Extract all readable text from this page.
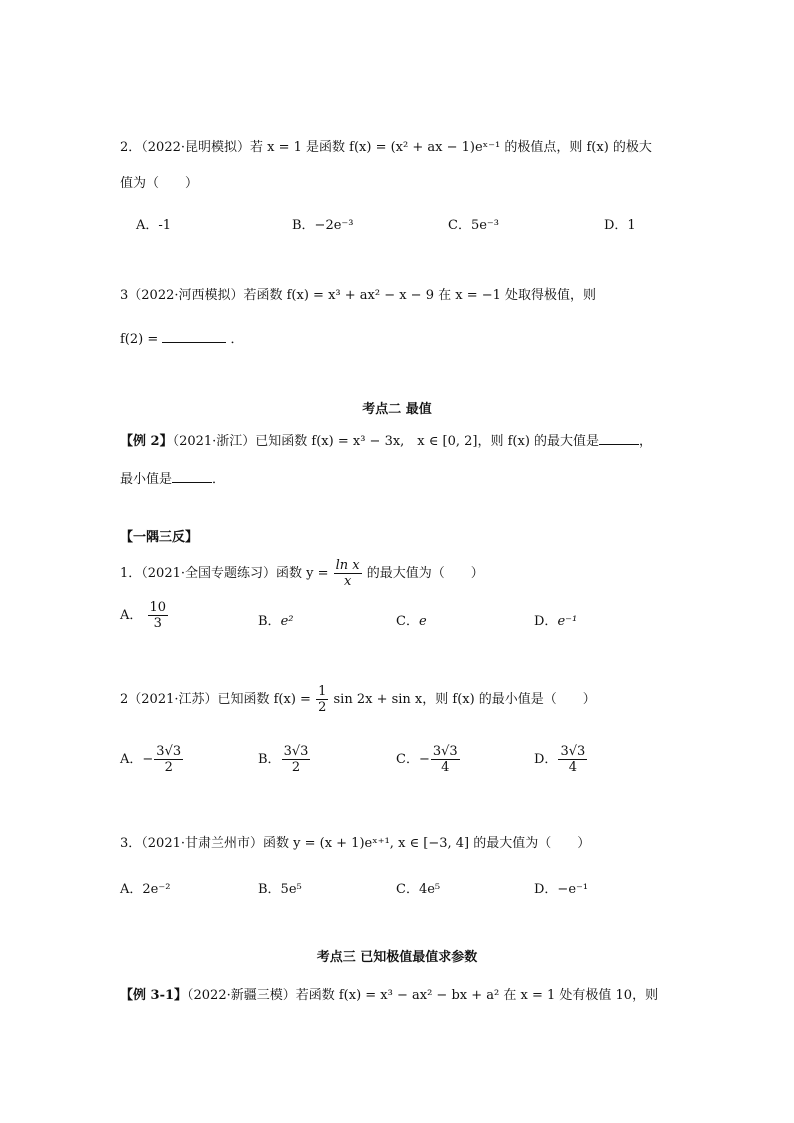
2．（2022·昆明模拟）若 x = 1 是函数 f(x) = (x² + ax − 1)eˣ⁻¹ 的极值点，则 f(x) 的极大
值为（　　）
A．-1	B．−2e⁻³	C．5e⁻³	D．1
3（2022·河西模拟）若函数 f(x) = x³ + ax² − x − 9 在 x = −1 处取得极值，则
f(2) =	．
考点二 最值
【例 2】（2021·浙江）已知函数 f(x) = x³ − 3x,　x ∈ [0, 2]，则 f(x) 的最大值是	，
最小值是	．
【一隅三反】
1．（2021·全国专题练习）函数 $y = \frac{\text{ln x}}{x}$ 的最大值为（　　）
A． $\frac{10}{3}$	B．e²	C．e	D．e⁻¹
2（2021·江苏）已知函数 $f(x) = \frac{1}{2}$ sin 2x + sin x，则 f(x) 的最小值是（　　）
A．− $\frac{3√3}{2}$	B． $\frac{3√3}{2}$	C．− $\frac{3√3}{4}$	D． $\frac{3√3}{4}$
3．（2021·甘肃兰州市）函数 y = (x + 1)eˣ⁺¹, x ∈ [−3, 4] 的最大值为（　　）
A．2e⁻²	B．5e⁵	C．4e⁵	D．−e⁻¹
考点三 已知极值最值求参数
【例 3-1】（2022·新疆三模）若函数 f(x) = x³ − ax² − bx + a² 在 x = 1 处有极值 10，则
